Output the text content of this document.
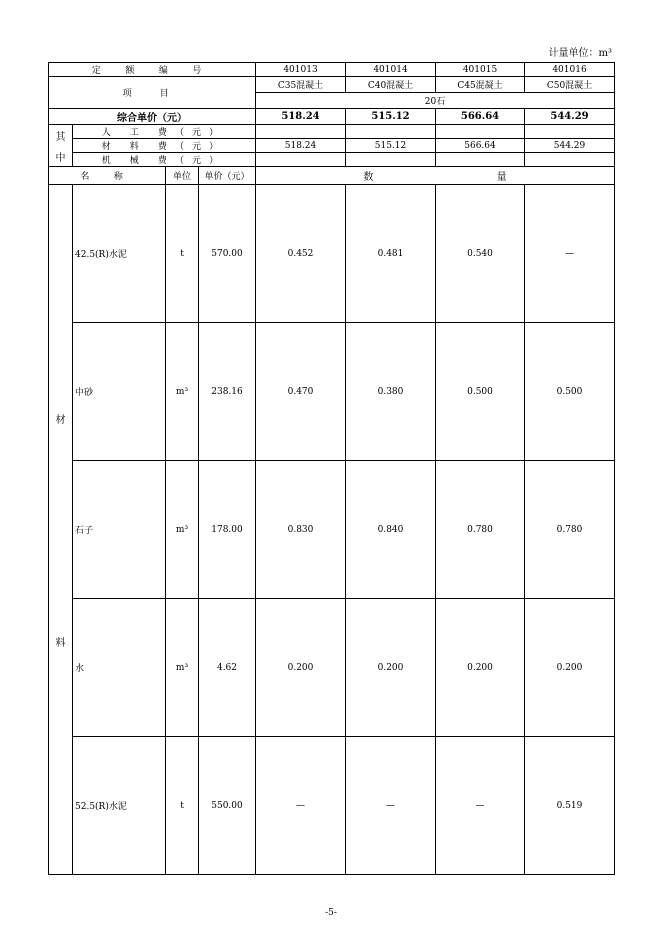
计量单位：m³
定 额 编 号				401013	401014	401015	401016
项 目				C35混凝土	C40混凝土	C45混凝土	C50混凝土
				20石			
综合单价（元）				518.24	515.12	566.64	544.29

其
中	人 工 费（元）						
	材 料 费（元）			518.24	515.12	566.64	544.29
	机 械 费（元）						
名 称		单位	单价（元）	数 量			

材
料	42.5(R)水泥	t	570.00	0.452	0.481	0.540	—
	中砂	m³	238.16	0.470	0.380	0.500	0.500
	石子	m³	178.00	0.830	0.840	0.780	0.780
	水	m³	4.62	0.200	0.200	0.200	0.200
	52.5(R)水泥	t	550.00	—	—	—	0.519
-5-
